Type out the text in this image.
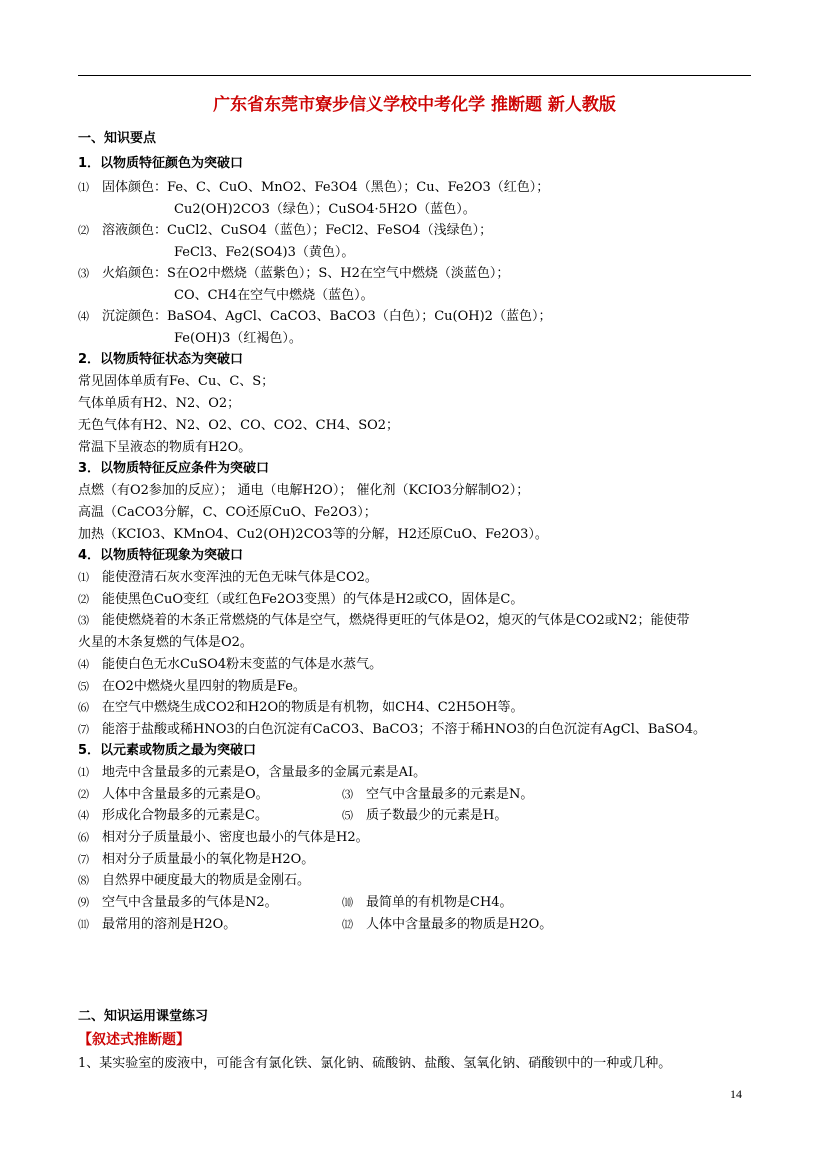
广东省东莞市寮步信义学校中考化学 推断题 新人教版
一、知识要点
1．以物质特征颜色为突破口
⑴ 固体颜色：Fe、C、CuO、MnO2、Fe3O4（黑色）；Cu、Fe2O3（红色）；
Cu2(OH)2CO3（绿色）；CuSO4·5H2O（蓝色）。
⑵ 溶液颜色：CuCl2、CuSO4（蓝色）；FeCl2、FeSO4（浅绿色）；
FeCl3、Fe2(SO4)3（黄色）。
⑶ 火焰颜色：S在O2中燃烧（蓝紫色）；S、H2在空气中燃烧（淡蓝色）；
CO、CH4在空气中燃烧（蓝色）。
⑷ 沉淀颜色：BaSO4、AgCl、CaCO3、BaCO3（白色）；Cu(OH)2（蓝色）；
Fe(OH)3（红褐色）。
2．以物质特征状态为突破口
常见固体单质有Fe、Cu、C、S；
气体单质有H2、N2、O2；
无色气体有H2、N2、O2、CO、CO2、CH4、SO2；
常温下呈液态的物质有H2O。
3．以物质特征反应条件为突破口
点燃（有O2参加的反应）； 通电（电解H2O）； 催化剂（KCIO3分解制O2）；
高温（CaCO3分解，C、CO还原CuO、Fe2O3）；
加热（KCIO3、KMnO4、Cu2(OH)2CO3等的分解，H2还原CuO、Fe2O3）。
4．以物质特征现象为突破口
⑴ 能使澄清石灰水变浑浊的无色无味气体是CO2。
⑵ 能使黑色CuO变红（或红色Fe2O3变黑）的气体是H2或CO，固体是C。
⑶ 能使燃烧着的木条正常燃烧的气体是空气，燃烧得更旺的气体是O2，熄灭的气体是CO2或N2；能使带
火星的木条复燃的气体是O2。
⑷ 能使白色无水CuSO4粉末变蓝的气体是水蒸气。
⑸ 在O2中燃烧火星四射的物质是Fe。
⑹ 在空气中燃烧生成CO2和H2O的物质是有机物，如CH4、C2H5OH等。
⑺ 能溶于盐酸或稀HNO3的白色沉淀有CaCO3、BaCO3；不溶于稀HNO3的白色沉淀有AgCl、BaSO4。
5．以元素或物质之最为突破口
⑴ 地壳中含量最多的元素是O，含量最多的金属元素是AI。
⑵ 人体中含量最多的元素是O。	⑶ 空气中含量最多的元素是N。
⑷ 形成化合物最多的元素是C。	⑸ 质子数最少的元素是H。
⑹ 相对分子质量最小、密度也最小的气体是H2。
⑺ 相对分子质量最小的氧化物是H2O。
⑻ 自然界中硬度最大的物质是金刚石。
⑼ 空气中含量最多的气体是N2。	⑽ 最简单的有机物是CH4。
⑾ 最常用的溶剂是H2O。	⑿ 人体中含量最多的物质是H2O。
二、知识运用课堂练习
【叙述式推断题】
1、某实验室的废液中，可能含有氯化铁、氯化钠、硫酸钠、盐酸、氢氧化钠、硝酸钡中的一种或几种。
14
